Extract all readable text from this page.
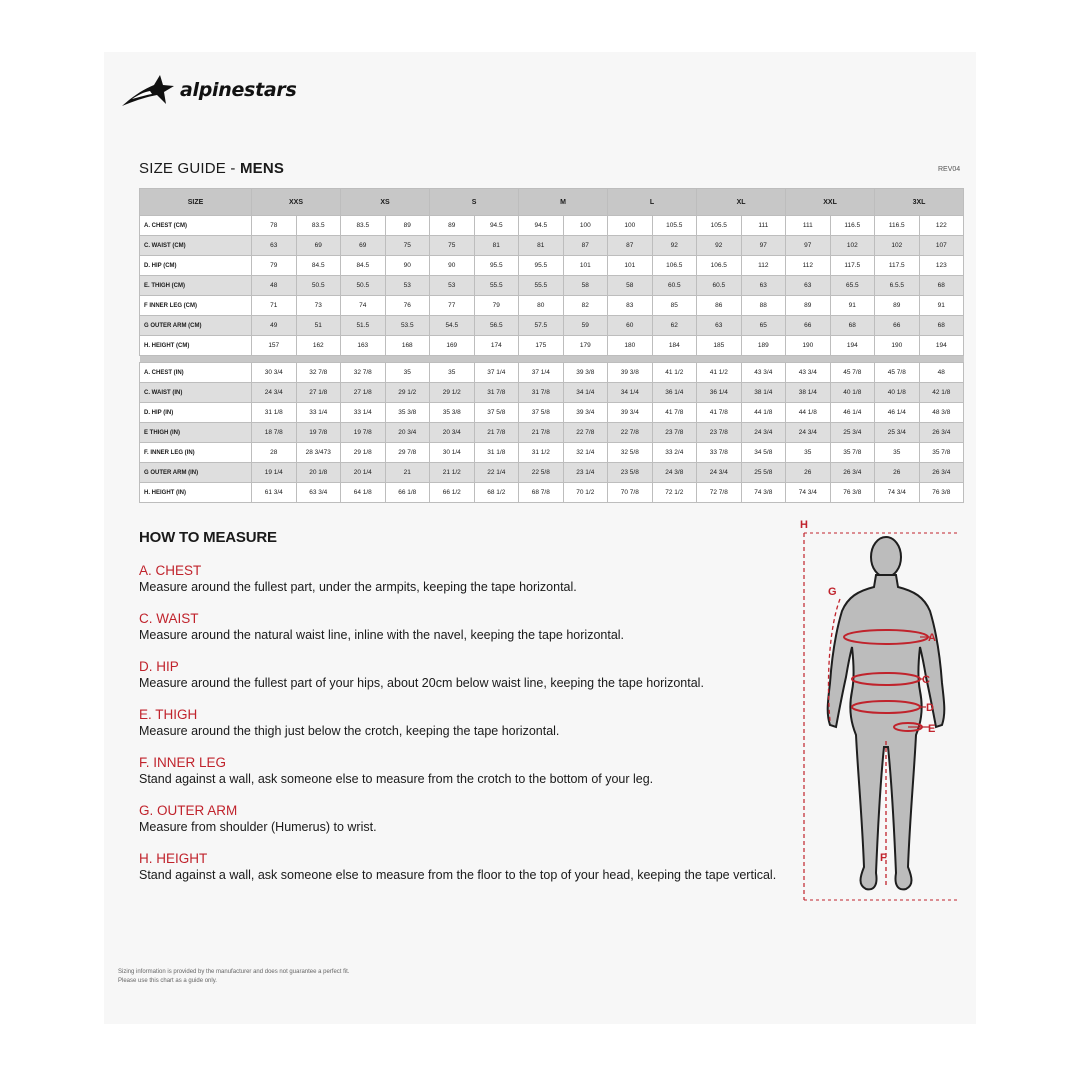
alpinestars
SIZE GUIDE - MENS	REV04
SIZE	XXS		XS		S		M		L		XL		XXL		3XL	
A. CHEST (CM)	78	83.5	83.5	89	89	94.5	94.5	100	100	105.5	105.5	111	111	116.5	116.5	122
C. WAIST (CM)	63	69	69	75	75	81	81	87	87	92	92	97	97	102	102	107
D. HIP (CM)	79	84.5	84.5	90	90	95.5	95.5	101	101	106.5	106.5	112	112	117.5	117.5	123
E. THIGH (CM)	48	50.5	50.5	53	53	55.5	55.5	58	58	60.5	60.5	63	63	65.5	6.5.5	68
F INNER LEG (CM)	71	73	74	76	77	79	80	82	83	85	86	88	89	91	89	91
G OUTER ARM (CM)	49	51	51.5	53.5	54.5	56.5	57.5	59	60	62	63	65	66	68	66	68
H. HEIGHT (CM)	157	162	163	168	169	174	175	179	180	184	185	189	190	194	190	194

A. CHEST (IN)	30 3/4	32 7/8	32 7/8	35	35	37 1/4	37 1/4	39 3/8	39 3/8	41 1/2	41 1/2	43 3/4	43 3/4	45 7/8	45 7/8	48
C. WAIST (IN)	24 3/4	27 1/8	27 1/8	29 1/2	29 1/2	31 7/8	31 7/8	34 1/4	34 1/4	36 1/4	36 1/4	38 1/4	38 1/4	40 1/8	40 1/8	42 1/8
D. HIP (IN)	31 1/8	33 1/4	33 1/4	35 3/8	35 3/8	37 5/8	37 5/8	39 3/4	39 3/4	41 7/8	41 7/8	44 1/8	44 1/8	46 1/4	46 1/4	48 3/8
E THIGH (IN)	18 7/8	19 7/8	19 7/8	20 3/4	20 3/4	21 7/8	21 7/8	22 7/8	22 7/8	23 7/8	23 7/8	24 3/4	24 3/4	25 3/4	25 3/4	26 3/4
F. INNER LEG (IN)	28	28 3/473	29 1/8	29 7/8	30 1/4	31 1/8	31 1/2	32 1/4	32 5/8	33 2/4	33 7/8	34 5/8	35	35 7/8	35	35 7/8
G OUTER ARM (IN)	19 1/4	20 1/8	20 1/4	21	21 1/2	22 1/4	22 5/8	23 1/4	23 5/8	24 3/8	24 3/4	25 5/8	26	26 3/4	26	26 3/4
H. HEIGHT (IN)	61 3/4	63 3/4	64 1/8	66 1/8	66 1/2	68 1/2	68 7/8	70 1/2	70 7/8	72 1/2	72 7/8	74 3/8	74 3/4	76 3/8	74 3/4	76 3/8
HOW TO MEASURE
A. CHEST
Measure around the fullest part, under the armpits, keeping the tape horizontal.
C. WAIST
Measure around the natural waist line, inline with the navel, keeping the tape horizontal.
D. HIP
Measure around the fullest part of your hips, about 20cm below waist line, keeping the tape horizontal.
E. THIGH
Measure around the thigh just below the crotch, keeping the tape horizontal.
F. INNER LEG
Stand against a wall, ask someone else to measure from the crotch to the bottom of your leg.
G. OUTER ARM
Measure from shoulder (Humerus) to wrist.
H. HEIGHT
Stand against a wall, ask someone else to measure from the floor to the top of your head, keeping the tape vertical.
H
G
A
C
D
E
F
Sizing information is provided by the manufacturer and does not guarantee a perfect fit.
Please use this chart as a guide only.
